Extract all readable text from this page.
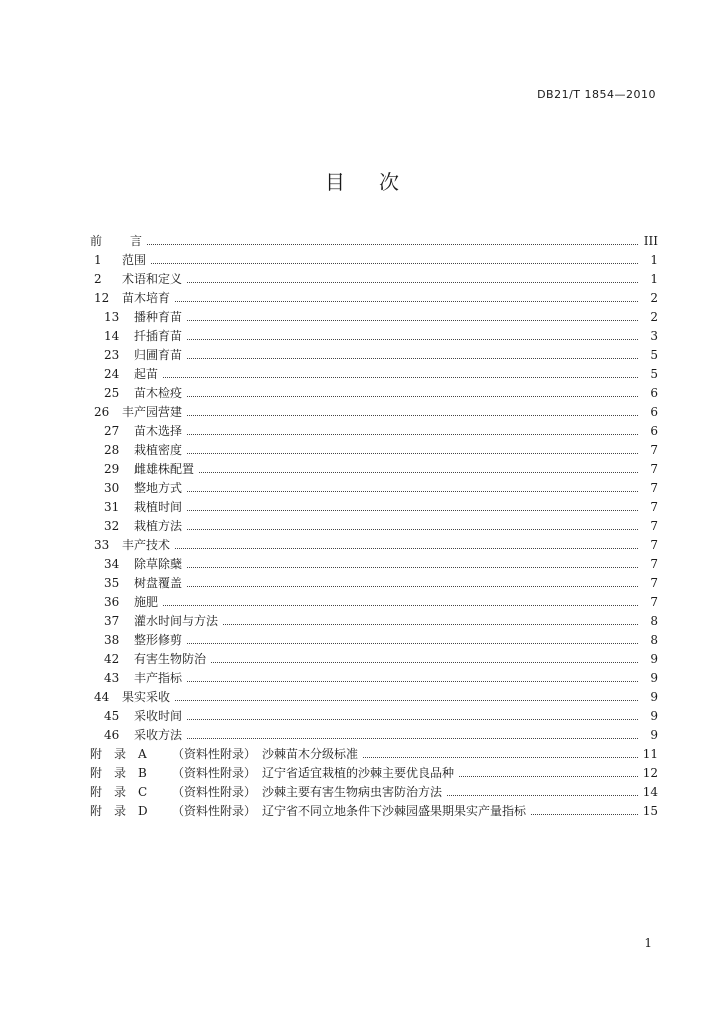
DB21/T 1854—2010
目 次
前 言	III
1 范围	1
2 术语和定义	1
12 苗木培育	2
13 播种育苗	2
14 扦插育苗	3
23 归圃育苗	5
24 起苗	5
25 苗木检疫	6
26 丰产园营建	6
27 苗木选择	6
28 栽植密度	7
29 雌雄株配置	7
30 整地方式	7
31 栽植时间	7
32 栽植方法	7
33 丰产技术	7
34 除草除蘖	7
35 树盘覆盖	7
36 施肥	7
37 灌水时间与方法	8
38 整形修剪	8
42 有害生物防治	9
43 丰产指标	9
44 果实采收	9
45 采收时间	9
46 采收方法	9
附　录　A （资料性附录）　沙棘苗木分级标准	11
附　录　B （资料性附录）　辽宁省适宜栽植的沙棘主要优良品种	12
附　录　C （资料性附录）　沙棘主要有害生物病虫害防治方法	14
附　录　D （资料性附录）　辽宁省不同立地条件下沙棘园盛果期果实产量指标	15
1
